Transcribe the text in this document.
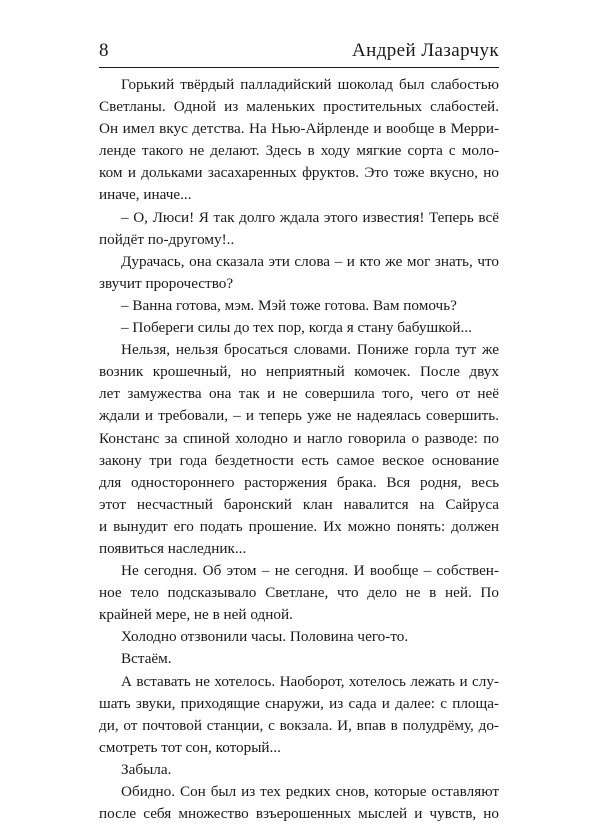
8	Андрей Лазарчук
Горький твёрдый палладийский шоколад был слабостью
Светланы. Одной из маленьких простительных слабостей.
Он имел вкус детства. На Нью-Айрленде и вообще в Мерри-
ленде такого не делают. Здесь в ходу мягкие сорта с моло-
ком и дольками засахаренных фруктов. Это тоже вкусно, но
иначе, иначе...
– О, Люси! Я так долго ждала этого известия! Теперь всё
пойдёт по-другому!..
Дурачась, она сказала эти слова – и кто же мог знать, что
звучит пророчество?
– Ванна готова, мэм. Мэй тоже готова. Вам помочь?
– Побереги силы до тех пор, когда я стану бабушкой...
Нельзя, нельзя бросаться словами. Пониже горла тут же
возник крошечный, но неприятный комочек. После двух
лет замужества она так и не совершила того, чего от неё
ждали и требовали, – и теперь уже не надеялась совершить.
Констанс за спиной холодно и нагло говорила о разводе: по
закону три года бездетности есть самое веское основание
для одностороннего расторжения брака. Вся родня, весь
этот несчастный баронский клан навалится на Сайруса
и вынудит его подать прошение. Их можно понять: должен
появиться наследник...
Не сегодня. Об этом – не сегодня. И вообще – собствен-
ное тело подсказывало Светлане, что дело не в ней. По
крайней мере, не в ней одной.
Холодно отзвонили часы. Половина чего-то.
Встаём.
А вставать не хотелось. Наоборот, хотелось лежать и слу-
шать звуки, приходящие снаружи, из сада и далее: с площа-
ди, от почтовой станции, с вокзала. И, впав в полудрёму, до-
смотреть тот сон, который...
Забыла.
Обидно. Сон был из тех редких снов, которые оставляют
после себя множество взъерошенных мыслей и чувств, но
